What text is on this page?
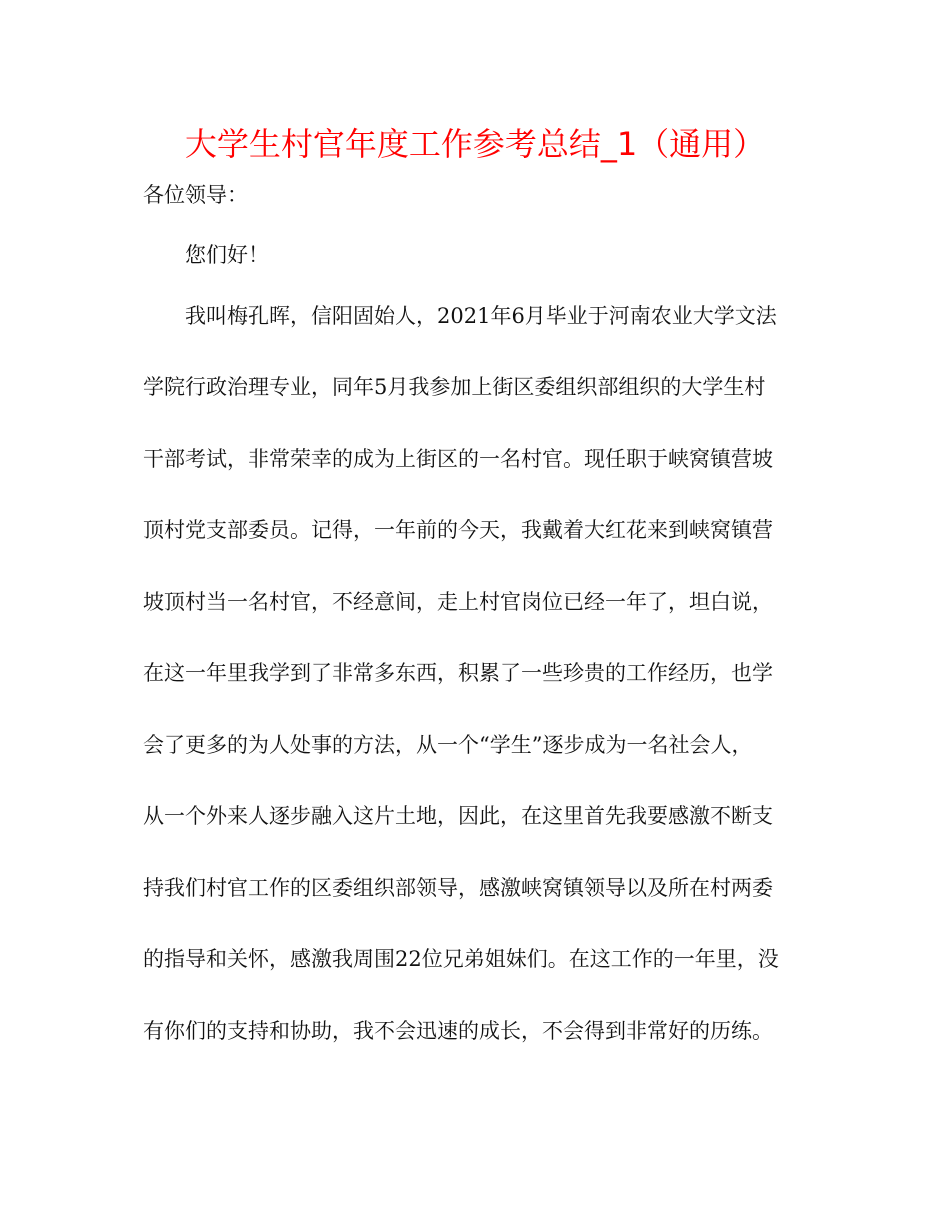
大学生村官年度工作参考总结_1（通用）
各位领导：
您们好！
我叫梅孔晖，信阳固始人，2021年6月毕业于河南农业大学文法
学院行政治理专业，同年5月我参加上街区委组织部组织的大学生村
干部考试，非常荣幸的成为上街区的一名村官。现任职于峡窝镇营坡
顶村党支部委员。记得，一年前的今天，我戴着大红花来到峡窝镇营
坡顶村当一名村官，不经意间，走上村官岗位已经一年了，坦白说，
在这一年里我学到了非常多东西，积累了一些珍贵的工作经历，也学
会了更多的为人处事的方法，从一个“学生”逐步成为一名社会人，
从一个外来人逐步融入这片土地，因此，在这里首先我要感激不断支
持我们村官工作的区委组织部领导，感激峡窝镇领导以及所在村两委
的指导和关怀，感激我周围22位兄弟姐妹们。在这工作的一年里，没
有你们的支持和协助，我不会迅速的成长，不会得到非常好的历练。
